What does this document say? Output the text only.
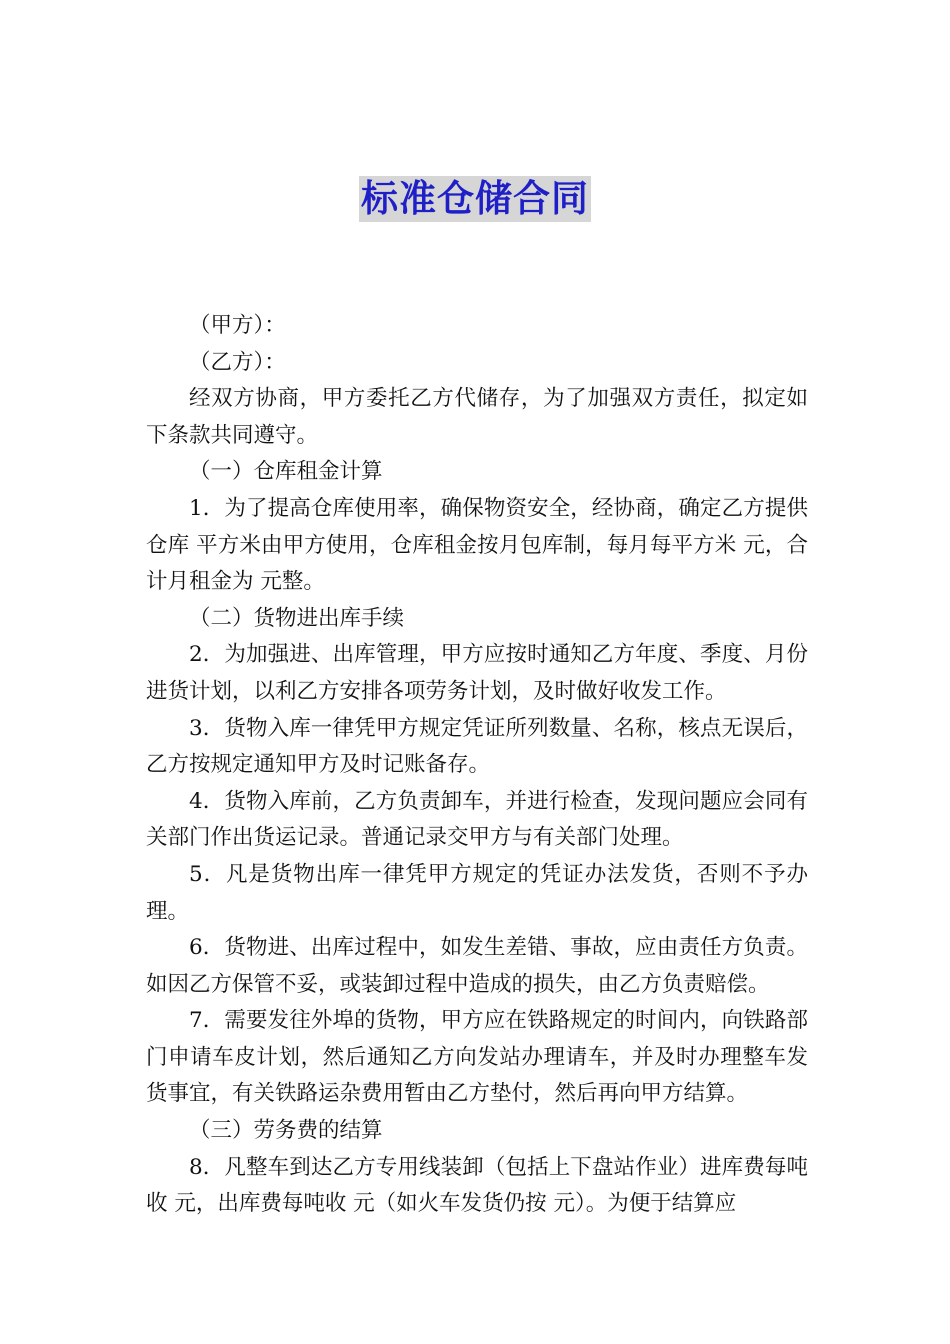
标准仓储合同

（甲方）：

（乙方）：

经双方协商，甲方委托乙方代储存，为了加强双方责任，拟定如下条款共同遵守。

（一）仓库租金计算

1．为了提高仓库使用率，确保物资安全，经协商，确定乙方提供仓库 平方米由甲方使用，仓库租金按月包库制，每月每平方米 元，合计月租金为 元整。

（二）货物进出库手续

2．为加强进、出库管理，甲方应按时通知乙方年度、季度、月份进货计划，以利乙方安排各项劳务计划，及时做好收发工作。

3．货物入库一律凭甲方规定凭证所列数量、名称，核点无误后，乙方按规定通知甲方及时记账备存。

4．货物入库前，乙方负责卸车，并进行检查，发现问题应会同有关部门作出货运记录。普通记录交甲方与有关部门处理。

5．凡是货物出库一律凭甲方规定的凭证办法发货，否则不予办理。

6．货物进、出库过程中，如发生差错、事故，应由责任方负责。如因乙方保管不妥，或装卸过程中造成的损失，由乙方负责赔偿。

7．需要发往外埠的货物，甲方应在铁路规定的时间内，向铁路部门申请车皮计划，然后通知乙方向发站办理请车，并及时办理整车发货事宜，有关铁路运杂费用暂由乙方垫付，然后再向甲方结算。

（三）劳务费的结算

8．凡整车到达乙方专用线装卸（包括上下盘站作业）进库费每吨收 元，出库费每吨收 元（如火车发货仍按 元）。为便于结算应
